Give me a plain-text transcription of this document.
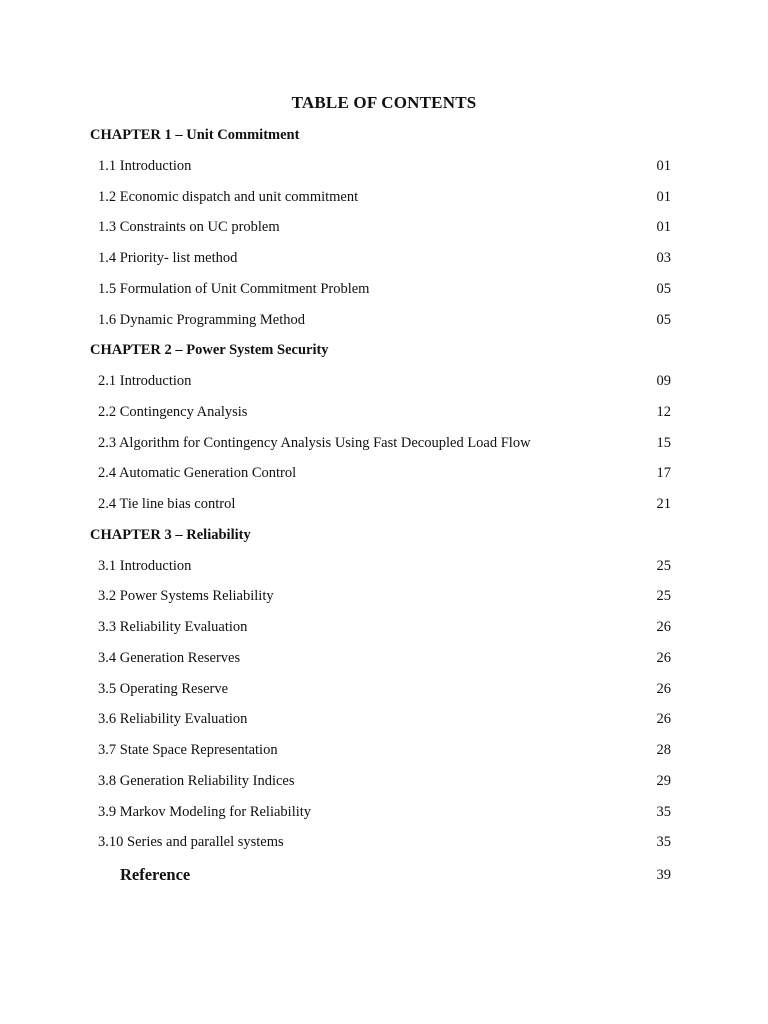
TABLE OF CONTENTS
CHAPTER 1 – Unit Commitment
1.1 Introduction	01
1.2 Economic dispatch and unit commitment	01
1.3 Constraints on UC problem	01
1.4 Priority- list method	03
1.5 Formulation of Unit Commitment Problem	05
1.6 Dynamic Programming Method	05
CHAPTER 2 – Power System Security
2.1 Introduction	09
2.2 Contingency Analysis	12
2.3 Algorithm for Contingency Analysis Using Fast Decoupled Load Flow	15
2.4 Automatic Generation Control	17
2.4 Tie line bias control	21
CHAPTER 3 – Reliability
3.1 Introduction	25
3.2 Power Systems Reliability	25
3.3 Reliability Evaluation	26
3.4 Generation Reserves	26
3.5 Operating Reserve	26
3.6 Reliability Evaluation	26
3.7 State Space Representation	28
3.8 Generation Reliability Indices	29
3.9 Markov Modeling for Reliability	35
3.10 Series and parallel systems	35
Reference	39
